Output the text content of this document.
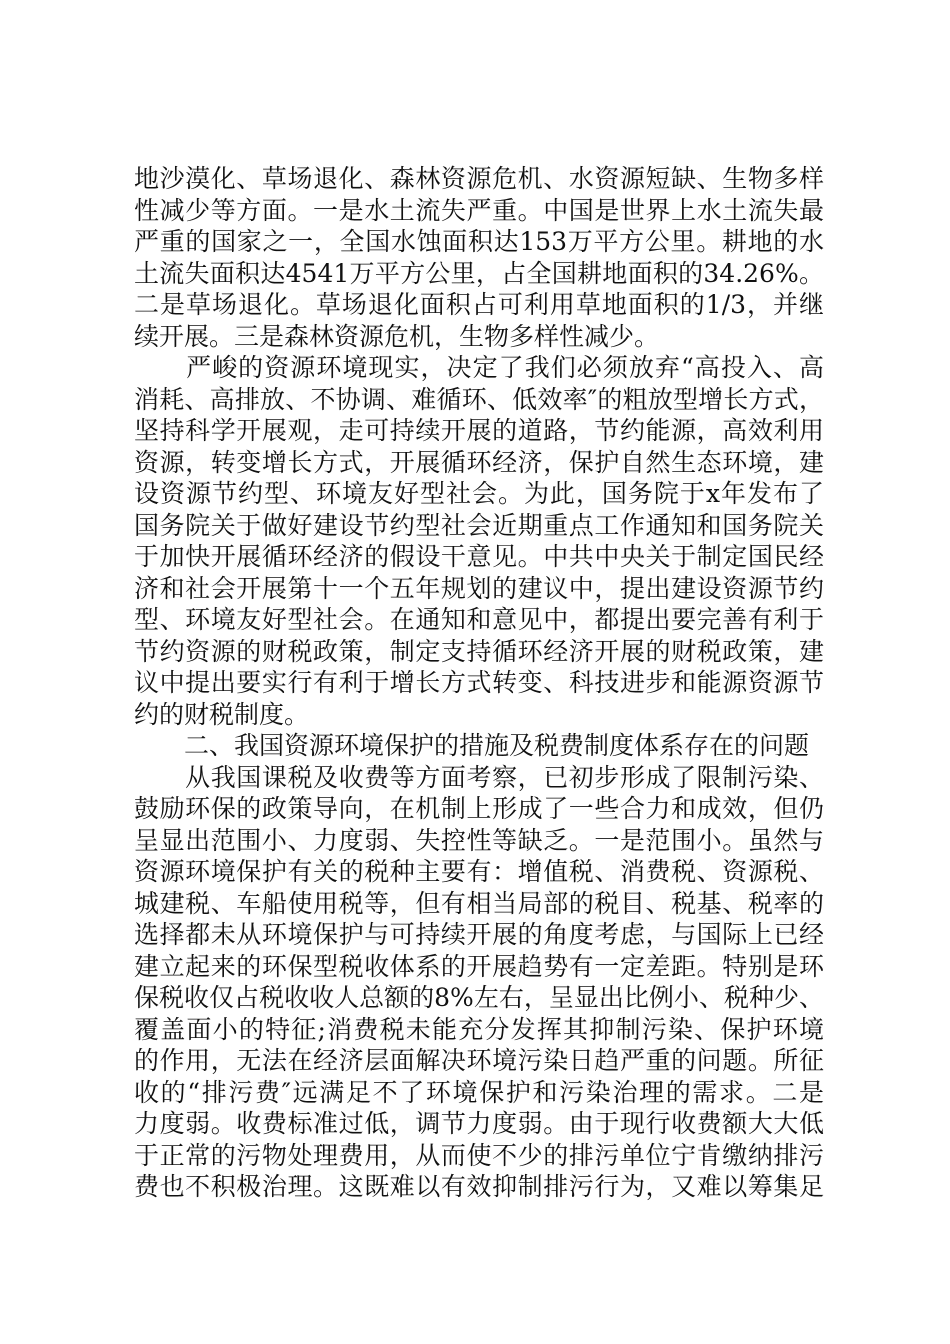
地沙漠化、草场退化、森林资源危机、水资源短缺、生物多样
性减少等方面。一是水土流失严重。中国是世界上水土流失最
严重的国家之一，全国水蚀面积达153万平方公里。耕地的水
土流失面积达4541万平方公里，占全国耕地面积的34.26%。
二是草场退化。草场退化面积占可利用草地面积的1/3，并继
续开展。三是森林资源危机，生物多样性减少。
　　严峻的资源环境现实，决定了我们必须放弃“高投入、高
消耗、高排放、不协调、难循环、低效率″的粗放型增长方式，
坚持科学开展观，走可持续开展的道路，节约能源，高效利用
资源，转变增长方式，开展循环经济，保护自然生态环境，建
设资源节约型、环境友好型社会。为此，国务院于x年发布了
国务院关于做好建设节约型社会近期重点工作通知和国务院关
于加快开展循环经济的假设干意见。中共中央关于制定国民经
济和社会开展第十一个五年规划的建议中，提出建设资源节约
型、环境友好型社会。在通知和意见中，都提出要完善有利于
节约资源的财税政策，制定支持循环经济开展的财税政策，建
议中提出要实行有利于增长方式转变、科技进步和能源资源节
约的财税制度。
　　二、我国资源环境保护的措施及税费制度体系存在的问题
　　从我国课税及收费等方面考察，已初步形成了限制污染、
鼓励环保的政策导向，在机制上形成了一些合力和成效，但仍
呈显出范围小、力度弱、失控性等缺乏。一是范围小。虽然与
资源环境保护有关的税种主要有：增值税、消费税、资源税、
城建税、车船使用税等，但有相当局部的税目、税基、税率的
选择都未从环境保护与可持续开展的角度考虑，与国际上已经
建立起来的环保型税收体系的开展趋势有一定差距。特别是环
保税收仅占税收收人总额的8%左右，呈显出比例小、税种少、
覆盖面小的特征;消费税未能充分发挥其抑制污染、保护环境
的作用，无法在经济层面解决环境污染日趋严重的问题。所征
收的“排污费″远满足不了环境保护和污染治理的需求。二是
力度弱。收费标准过低，调节力度弱。由于现行收费额大大低
于正常的污物处理费用，从而使不少的排污单位宁肯缴纳排污
费也不积极治理。这既难以有效抑制排污行为，又难以筹集足
